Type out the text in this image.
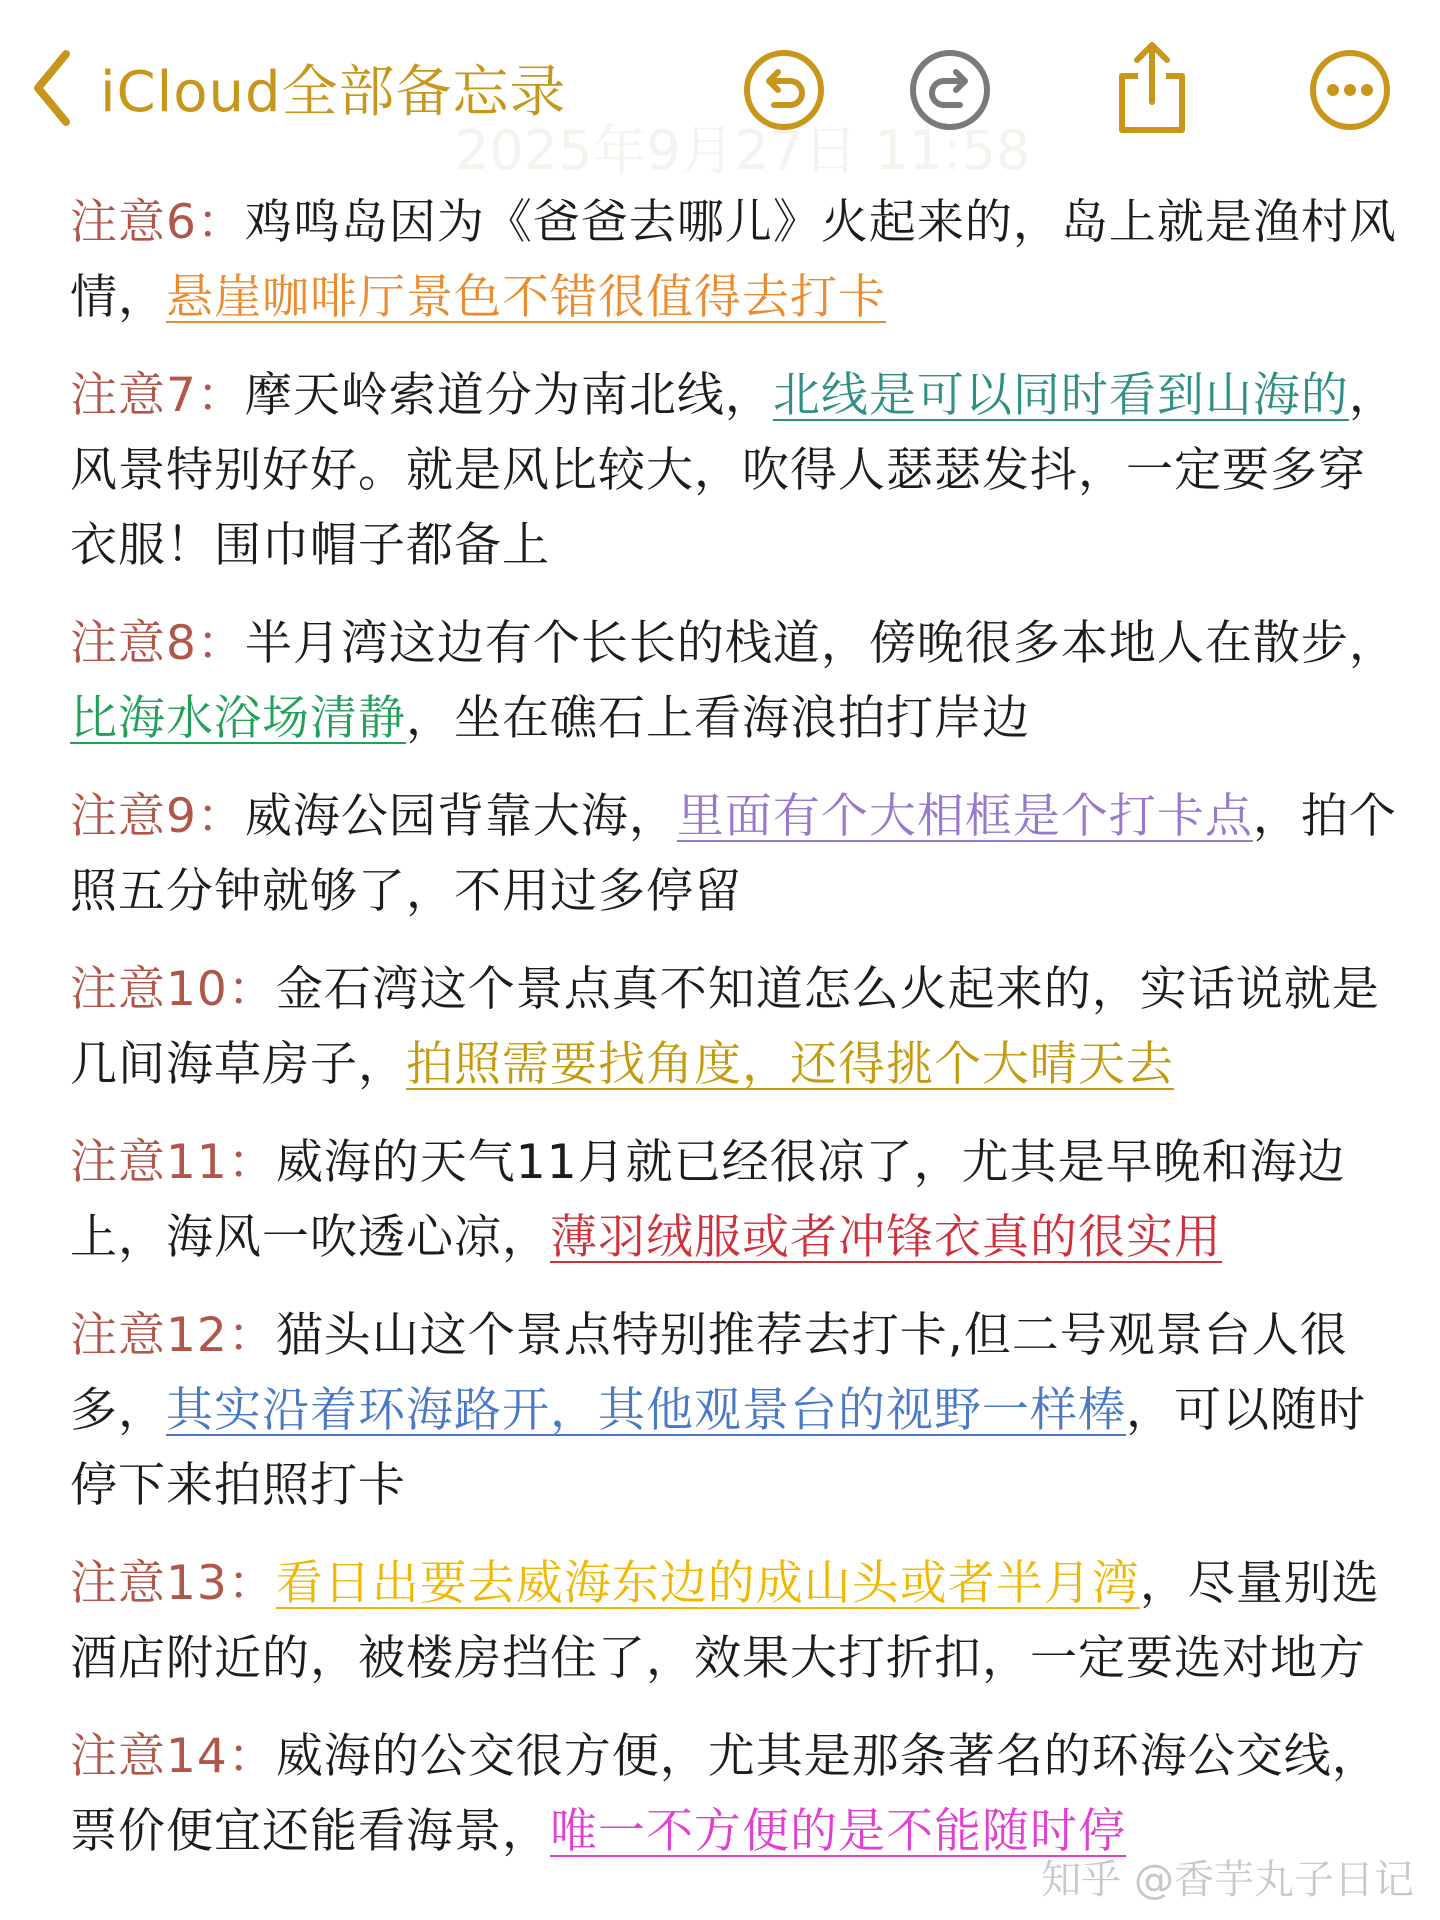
iCloud全部备忘录
2025年9月27日 11:58
注意6：鸡鸣岛因为《爸爸去哪儿》火起来的，岛上就是渔村风情，悬崖咖啡厅景色不错很值得去打卡
注意7：摩天岭索道分为南北线，北线是可以同时看到山海的，风景特别好好。就是风比较大，吹得人瑟瑟发抖，一定要多穿衣服！围巾帽子都备上
注意8：半月湾这边有个长长的栈道，傍晚很多本地人在散步，比海水浴场清静，坐在礁石上看海浪拍打岸边
注意9：威海公园背靠大海，里面有个大相框是个打卡点，拍个照五分钟就够了，不用过多停留
注意10：金石湾这个景点真不知道怎么火起来的，实话说就是几间海草房子，拍照需要找角度，还得挑个大晴天去
注意11：威海的天气11月就已经很凉了，尤其是早晚和海边上，海风一吹透心凉，薄羽绒服或者冲锋衣真的很实用
注意12：猫头山这个景点特别推荐去打卡,但二号观景台人很多，其实沿着环海路开，其他观景台的视野一样棒，可以随时停下来拍照打卡
注意13：看日出要去威海东边的成山头或者半月湾，尽量别选酒店附近的，被楼房挡住了，效果大打折扣，一定要选对地方
注意14：威海的公交很方便，尤其是那条著名的环海公交线，票价便宜还能看海景，唯一不方便的是不能随时停
知乎 @香芋丸子日记
